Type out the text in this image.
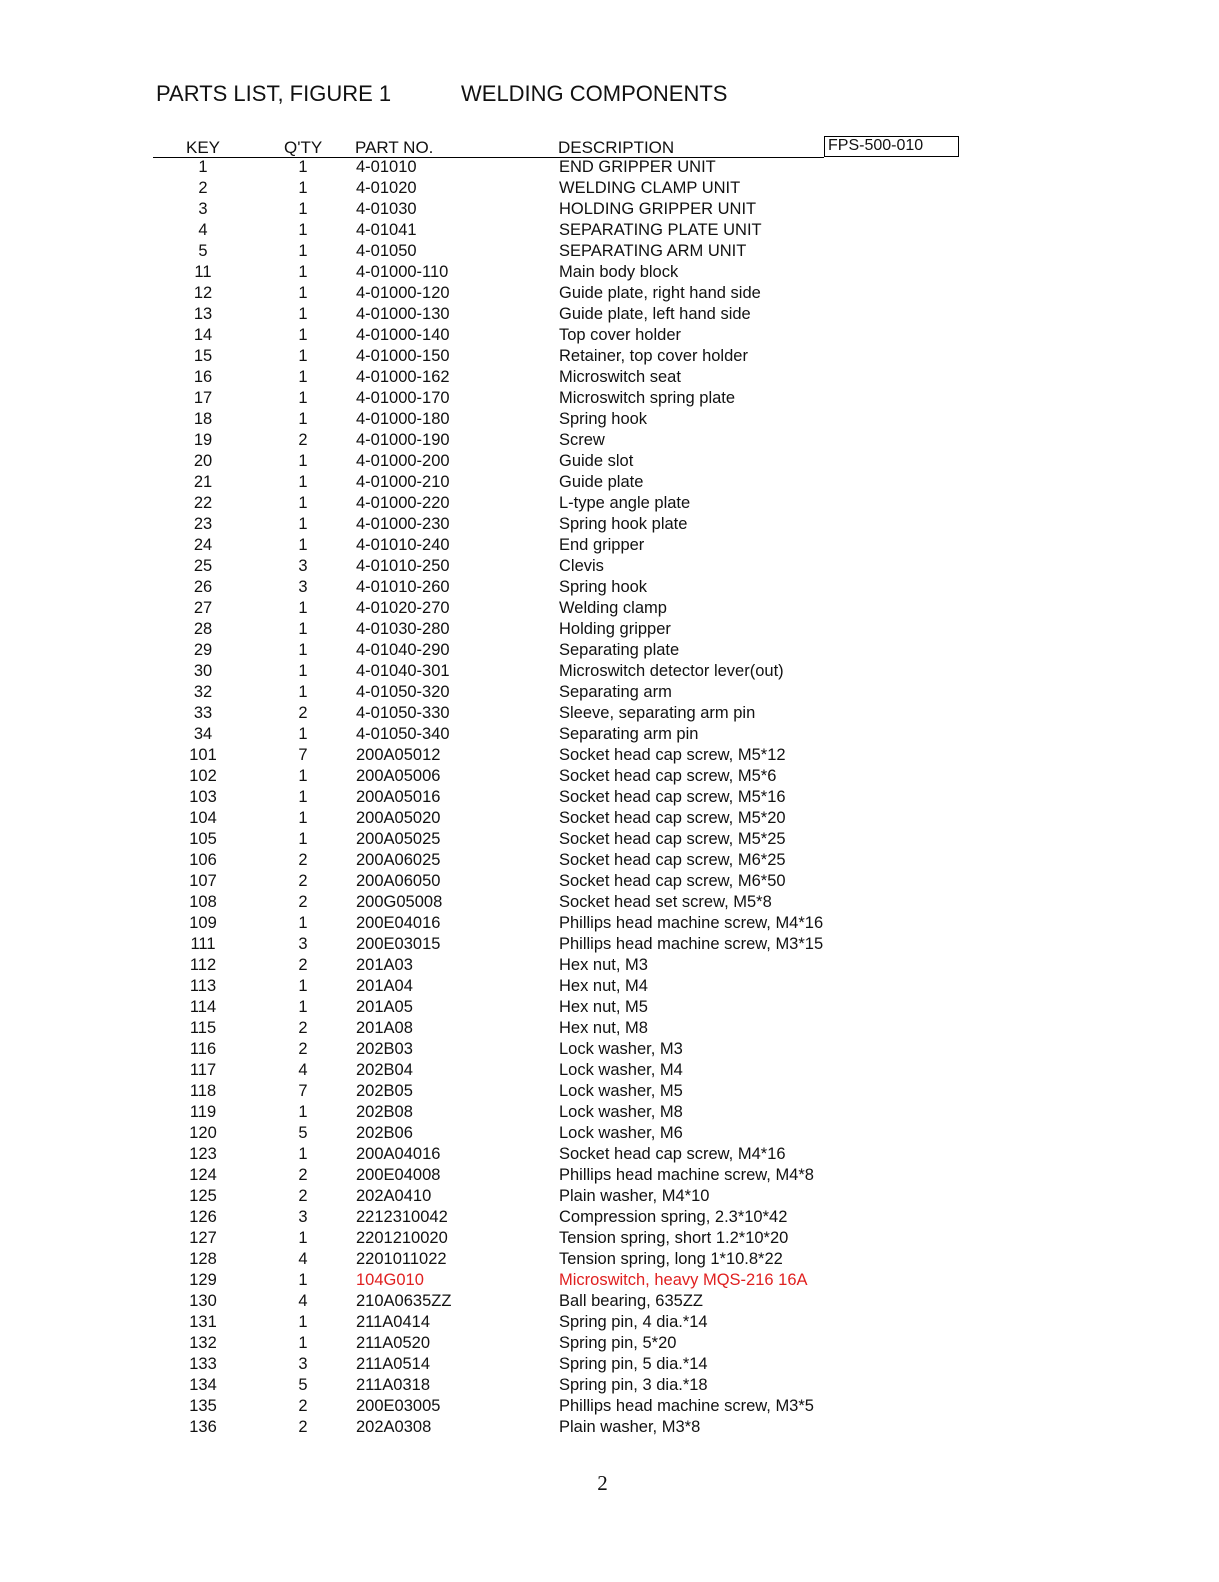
PARTS LIST, FIGURE 1	WELDING COMPONENTS
KEY	Q'TY PART NO.	DESCRIPTION	FPS-500-010
1	1	4-01010	END GRIPPER UNIT
2	1	4-01020	WELDING CLAMP UNIT
3	1	4-01030	HOLDING GRIPPER UNIT
4	1	4-01041	SEPARATING PLATE UNIT
5	1	4-01050	SEPARATING ARM UNIT
11	1	4-01000-110	Main body block
12	1	4-01000-120	Guide plate, right hand side
13	1	4-01000-130	Guide plate, left hand side
14	1	4-01000-140	Top cover holder
15	1	4-01000-150	Retainer, top cover holder
16	1	4-01000-162	Microswitch seat
17	1	4-01000-170	Microswitch spring plate
18	1	4-01000-180	Spring hook
19	2	4-01000-190	Screw
20	1	4-01000-200	Guide slot
21	1	4-01000-210	Guide plate
22	1	4-01000-220	L-type angle plate
23	1	4-01000-230	Spring hook plate
24	1	4-01010-240	End gripper
25	3	4-01010-250	Clevis
26	3	4-01010-260	Spring hook
27	1	4-01020-270	Welding clamp
28	1	4-01030-280	Holding gripper
29	1	4-01040-290	Separating plate
30	1	4-01040-301	Microswitch detector lever(out)
32	1	4-01050-320	Separating arm
33	2	4-01050-330	Sleeve, separating arm pin
34	1	4-01050-340	Separating arm pin
101	7	200A05012	Socket head cap screw, M5*12
102	1	200A05006	Socket head cap screw, M5*6
103	1	200A05016	Socket head cap screw, M5*16
104	1	200A05020	Socket head cap screw, M5*20
105	1	200A05025	Socket head cap screw, M5*25
106	2	200A06025	Socket head cap screw, M6*25
107	2	200A06050	Socket head cap screw, M6*50
108	2	200G05008	Socket head set screw, M5*8
109	1	200E04016	Phillips head machine screw, M4*16
111	3	200E03015	Phillips head machine screw, M3*15
112	2	201A03	Hex nut, M3
113	1	201A04	Hex nut, M4
114	1	201A05	Hex nut, M5
115	2	201A08	Hex nut, M8
116	2	202B03	Lock washer, M3
117	4	202B04	Lock washer, M4
118	7	202B05	Lock washer, M5
119	1	202B08	Lock washer, M8
120	5	202B06	Lock washer, M6
123	1	200A04016	Socket head cap screw, M4*16
124	2	200E04008	Phillips head machine screw, M4*8
125	2	202A0410	Plain washer, M4*10
126	3	2212310042	Compression spring, 2.3*10*42
127	1	2201210020	Tension spring, short 1.2*10*20
128	4	2201011022	Tension spring, long 1*10.8*22
129	1	104G010	Microswitch, heavy MQS-216 16A
130	4	210A0635ZZ	Ball bearing, 635ZZ
131	1	211A0414	Spring pin, 4 dia.*14
132	1	211A0520	Spring pin, 5*20
133	3	211A0514	Spring pin, 5 dia.*14
134	5	211A0318	Spring pin, 3 dia.*18
135	2	200E03005	Phillips head machine screw, M3*5
136	2	202A0308	Plain washer, M3*8
2
